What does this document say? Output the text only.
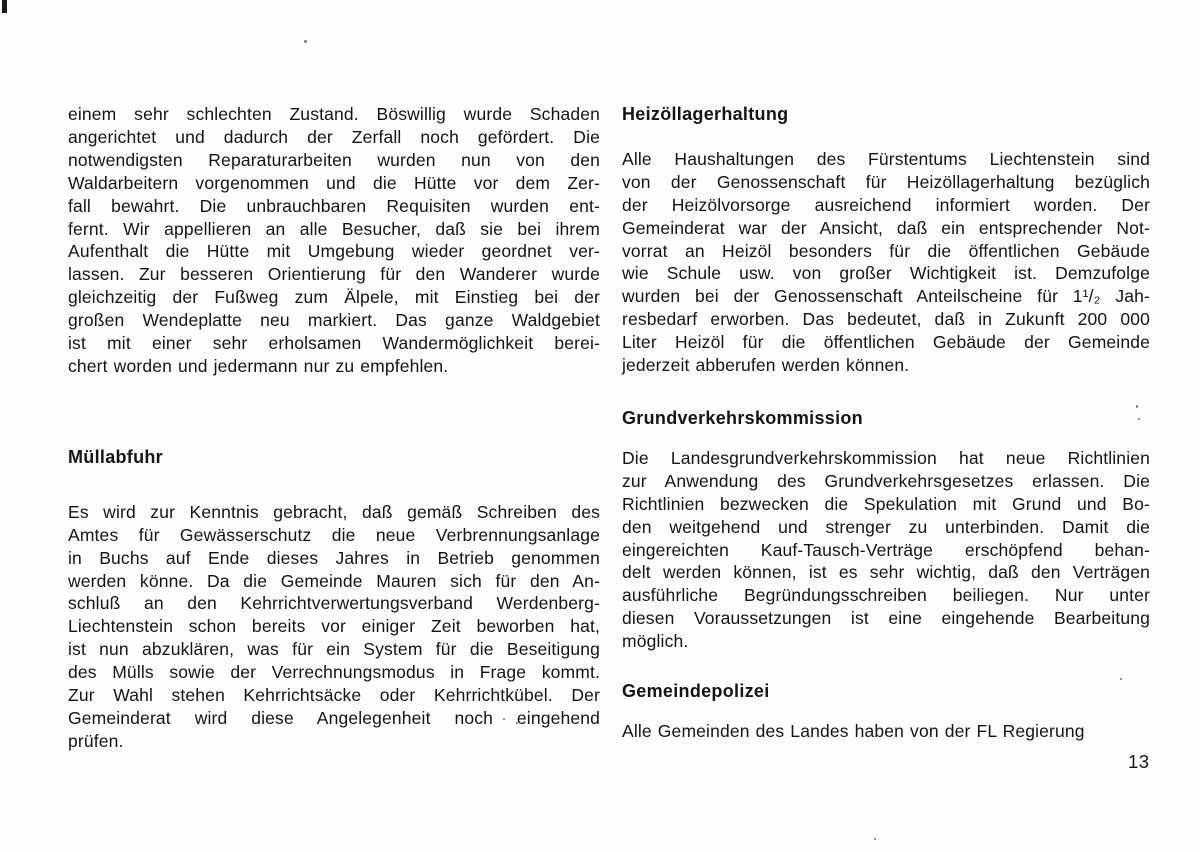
einem sehr schlechten Zustand. Böswillig wurde Schaden
angerichtet und dadurch der Zerfall noch gefördert. Die
notwendigsten Reparaturarbeiten wurden nun von den
Waldarbeitern vorgenommen und die Hütte vor dem Zer-
fall bewahrt. Die unbrauchbaren Requisiten wurden ent-
fernt. Wir appellieren an alle Besucher, daß sie bei ihrem
Aufenthalt die Hütte mit Umgebung wieder geordnet ver-
lassen. Zur besseren Orientierung für den Wanderer wurde
gleichzeitig der Fußweg zum Älpele, mit Einstieg bei der
großen Wendeplatte neu markiert. Das ganze Waldgebiet
ist mit einer sehr erholsamen Wandermöglichkeit berei-
chert worden und jedermann nur zu empfehlen.
Müllabfuhr
Es wird zur Kenntnis gebracht, daß gemäß Schreiben des
Amtes für Gewässerschutz die neue Verbrennungsanlage
in Buchs auf Ende dieses Jahres in Betrieb genommen
werden könne. Da die Gemeinde Mauren sich für den An-
schluß an den Kehrrichtverwertungsverband Werdenberg-
Liechtenstein schon bereits vor einiger Zeit beworben hat,
ist nun abzuklären, was für ein System für die Beseitigung
des Mülls sowie der Verrechnungsmodus in Frage kommt.
Zur Wahl stehen Kehrrichtsäcke oder Kehrrichtkübel. Der
Gemeinderat wird diese Angelegenheit noch eingehend
prüfen.
Heizöllagerhaltung
Alle Haushaltungen des Fürstentums Liechtenstein sind
von der Genossenschaft für Heizöllagerhaltung bezüglich
der Heizölvorsorge ausreichend informiert worden. Der
Gemeinderat war der Ansicht, daß ein entsprechender Not-
vorrat an Heizöl besonders für die öffentlichen Gebäude
wie Schule usw. von großer Wichtigkeit ist. Demzufolge
wurden bei der Genossenschaft Anteilscheine für 1¹/₂ Jah-
resbedarf erworben. Das bedeutet, daß in Zukunft 200 000
Liter Heizöl für die öffentlichen Gebäude der Gemeinde
jederzeit abberufen werden können.
Grundverkehrskommission
Die Landesgrundverkehrskommission hat neue Richtlinien
zur Anwendung des Grundverkehrsgesetzes erlassen. Die
Richtlinien bezwecken die Spekulation mit Grund und Bo-
den weitgehend und strenger zu unterbinden. Damit die
eingereichten Kauf-Tausch-Verträge erschöpfend behan-
delt werden können, ist es sehr wichtig, daß den Verträgen
ausführliche Begründungsschreiben beiliegen. Nur unter
diesen Voraussetzungen ist eine eingehende Bearbeitung
möglich.
Gemeindepolizei
Alle Gemeinden des Landes haben von der FL Regierung
13
